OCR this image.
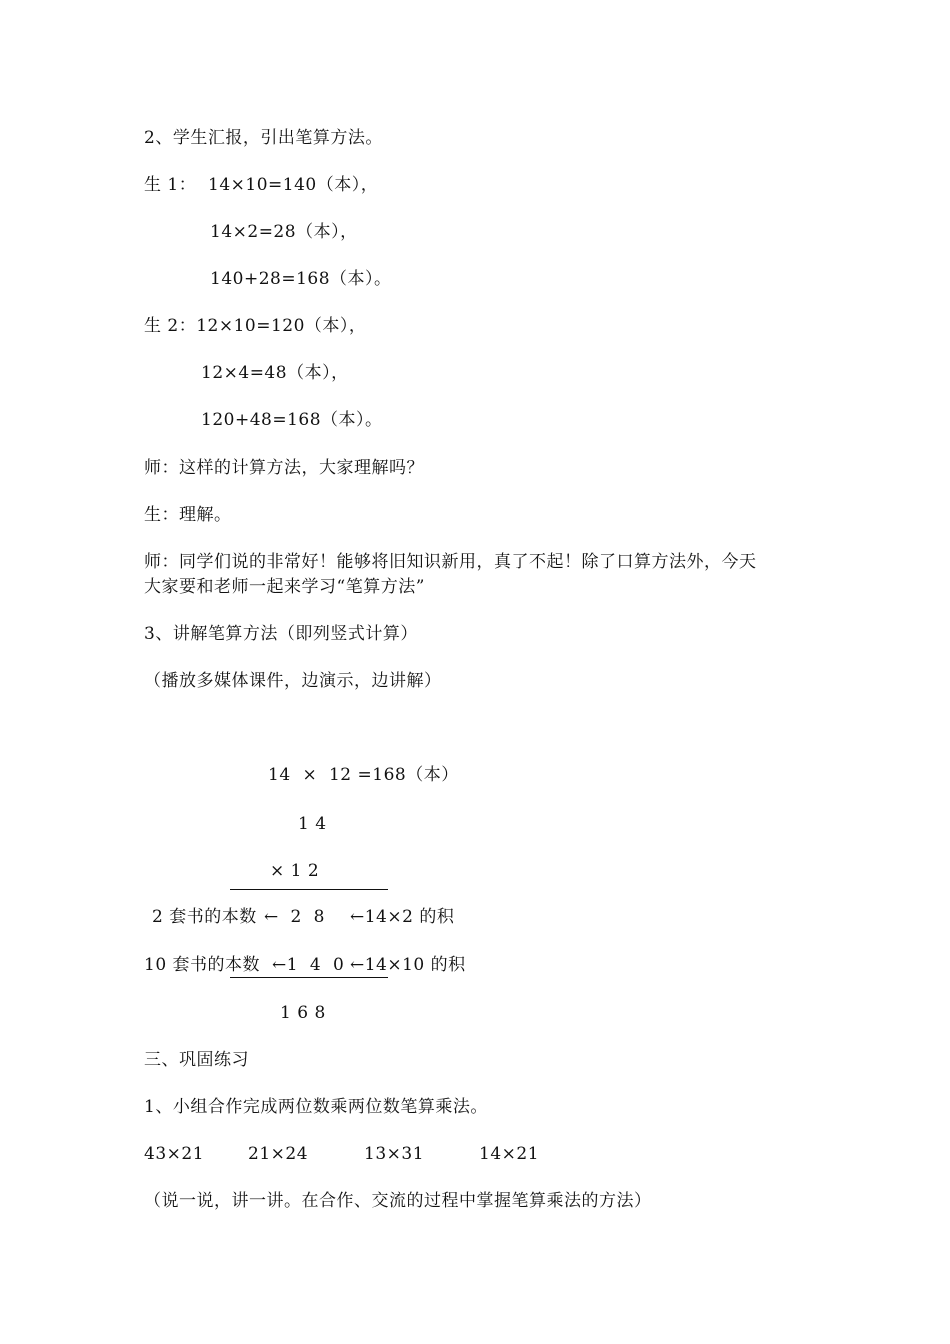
2、学生汇报，引出笔算方法。
生 1：  14×10=140（本），
14×2=28（本），
140+28=168（本）。
生 2：12×10=120（本），
12×4=48（本），
120+48=168（本）。
师：这样的计算方法，大家理解吗？
生：理解。
师：同学们说的非常好！能够将旧知识新用，真了不起！除了口算方法外，今天
大家要和老师一起来学习“笔算方法”
3、讲解笔算方法（即列竖式计算）
（播放多媒体课件，边演示，边讲解）
14  ×  12 =168（本）
1 4
× 1 2
2 套书的本数 ←  2  8 ←14×2 的积
10 套书的本数 ←1  4  0 ←14×10 的积
1 6 8
三、巩固练习
1、小组合作完成两位数乘两位数笔算乘法。
43×21	21×24	13×31	14×21
（说一说，讲一讲。在合作、交流的过程中掌握笔算乘法的方法）
